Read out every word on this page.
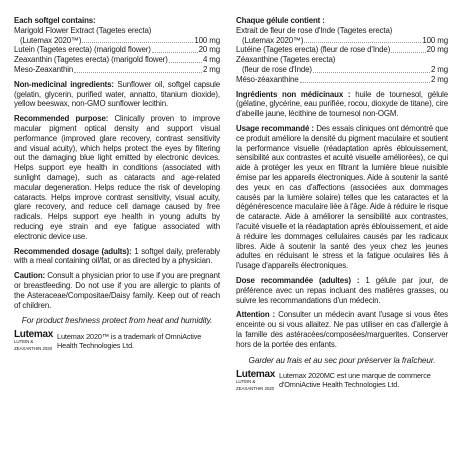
Each softgel contains:
Marigold Flower Extract (Tagetes erecta)
(Lutemax 2020™)	100 mg
Lutein (Tagetes erecta) (marigold flower)	20 mg
Zeaxanthin (Tagetes erecta) (marigold flower)	4 mg
Meso-Zeaxanthin	2 mg
Non-medicinal ingredients: Sunflower oil, softgel capsule (gelatin, glycerin, purified water, annatto, titanium dioxide), yellow beeswax, non-GMO sunflower lecithin.
Recommended purpose: Clinically proven to improve macular pigment optical density and support visual performance (improved glare recovery, contrast sensitivity and visual acuity), which helps protect the eyes by filtering out the damaging blue light emitted by electronic devices. Helps support eye health in conditions (associated with sunlight damage), such as cataracts and age-related macular degeneration. Helps reduce the risk of developing cataracts. Helps improve contrast sensitivity, visual acuity, glare recovery, and reduce cell damage caused by free radicals. Helps support eye health in young adults by reducing eye strain and eye fatigue associated with electronic device use.
Recommended dosage (adults): 1 softgel daily, preferably with a meal containing oil/fat, or as directed by a physician.
Caution: Consult a physician prior to use if you are pregnant or breastfeeding. Do not use if you are allergic to plants of the Asteraceae/Compositae/Daisy family. Keep out of reach of children.
For product freshness protect from heat and humidity.
Lutemax
LUTEIN & ZEAXANTHIN 2020
Lutemax 2020™ is a trademark of OmniActive Health Technologies Ltd.
Chaque gélule contient :
Extrait de fleur de rose d'Inde (Tagetes erecta)
(Lutemax 2020™)	100 mg
Lutéine (Tagetes erecta) (fleur de rose d'Inde)	20 mg
Zéaxanthine (Tagetes erecta)
(fleur de rose d'Inde)	2 mg
Méso-zéaxanthine	2 mg
Ingrédients non médicinaux : huile de tournesol, gélule (gélatine, glycérine, eau purifiée, rocou, dioxyde de titane), cire d'abeille jaune, lécithine de tournesol non-OGM.
Usage recommandé : Des essais cliniques ont démontré que ce produit améliore la densité du pigment maculaire et soutient la performance visuelle (réadaptation après éblouissement, sensibilité aux contrastes et acuité visuelle améliorées), ce qui aide à protéger les yeux en filtrant la lumière bleue nuisible émise par les appareils électroniques. Aide à soutenir la santé des yeux en cas d'affections (associées aux dommages causés par la lumière solaire) telles que les cataractes et la dégénérescence maculaire liée à l'âge. Aide à réduire le risque de cataracte. Aide à améliorer la sensibilité aux contrastes, l'acuité visuelle et la réadaptation après éblouissement, et aide à réduire les dommages cellulaires causés par les radicaux libres. Aide à soutenir la santé des yeux chez les jeunes adultes en réduisant le stress et la fatigue oculaires liés à l'usage d'appareils électroniques.
Dose recommandée (adultes) : 1 gélule par jour, de préférence avec un repas incluant des matières grasses, ou suivre les recommandations d'un médecin.
Attention : Consulter un médecin avant l'usage si vous êtes enceinte ou si vous allaitez. Ne pas utiliser en cas d'allergie à la famille des astéracées/composées/marguerites. Conserver hors de la portée des enfants.
Garder au frais et au sec pour préserver la fraîcheur.
Lutemax
LUTEIN & ZEAXANTHIN 2020
Lutemax 2020MC est une marque de commerce d'OmniActive Health Technologies Ltd.
